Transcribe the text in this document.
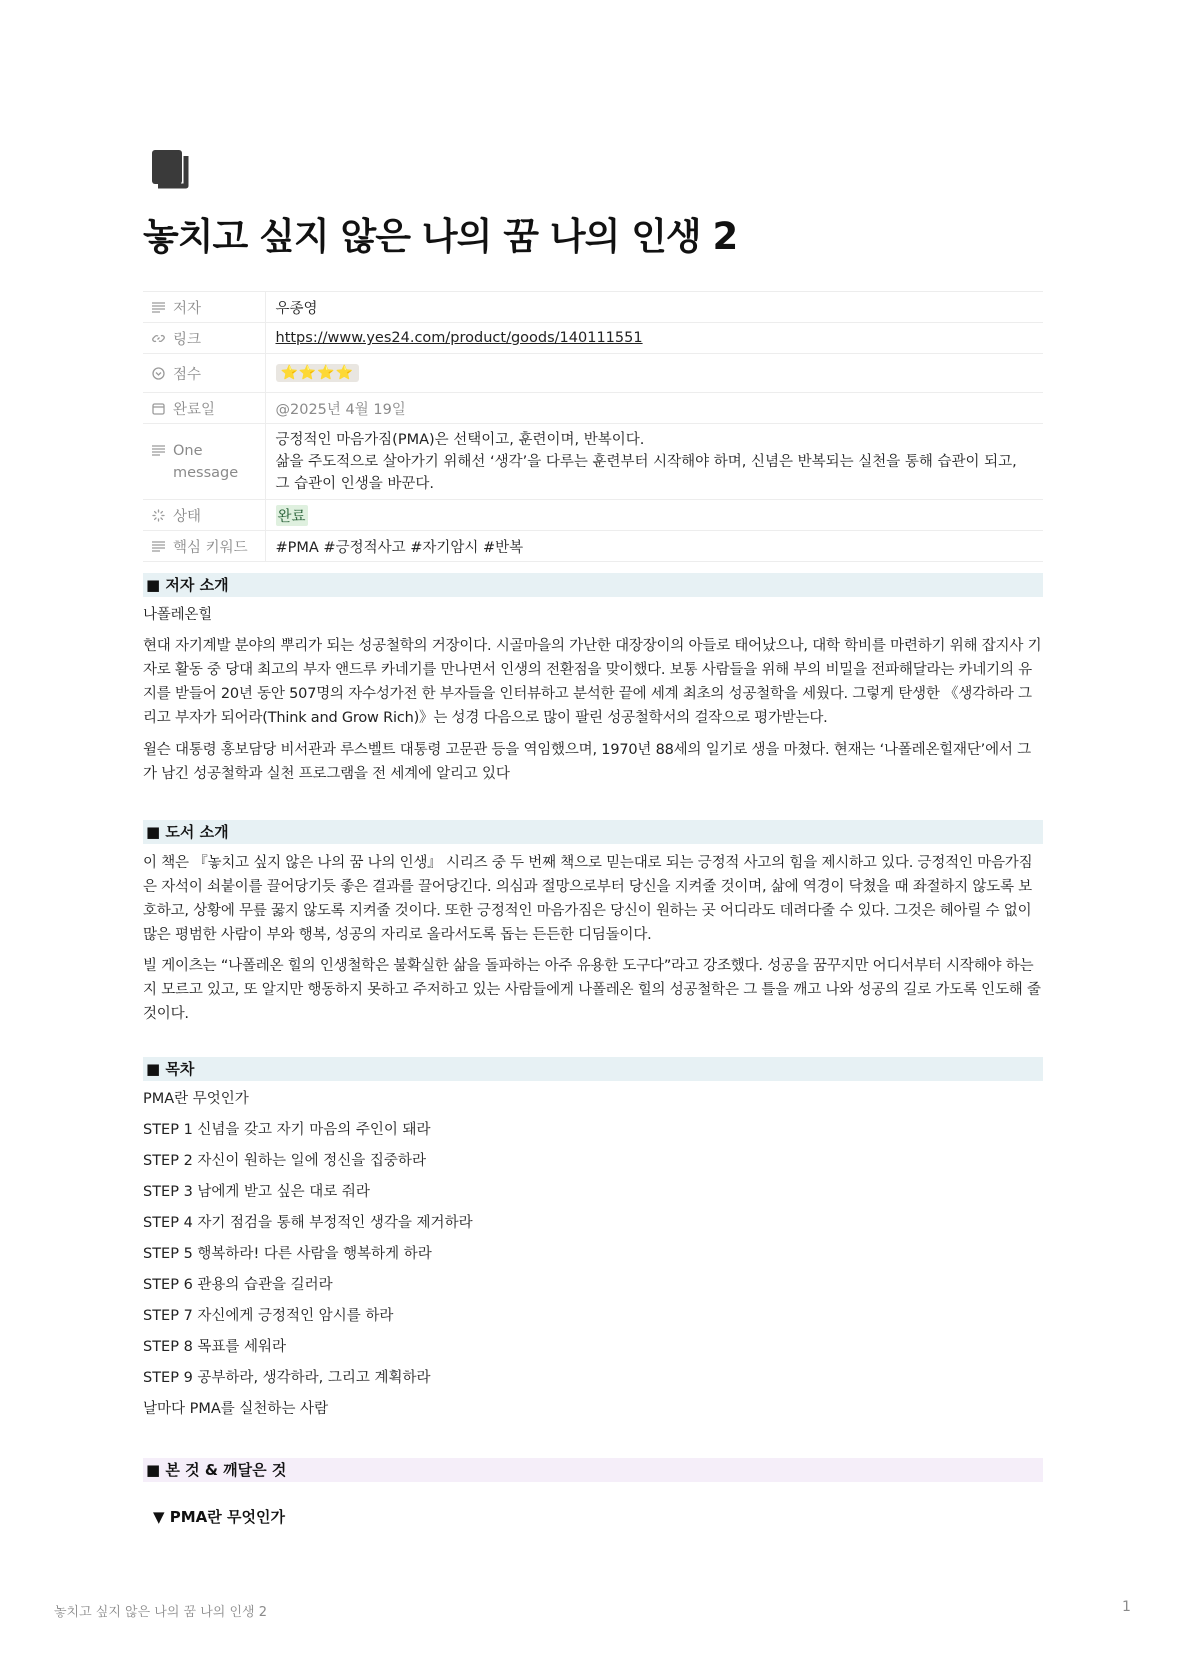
놓치고 싶지 않은 나의 꿈 나의 인생 2
저자	우종영

링크	https://www.yes24.com/product/goods/140111551

점수	⭐⭐⭐⭐

완료일	@2025년 4월 19일

One message	긍정적인 마음가짐(PMA)은 선택이고, 훈련이며, 반복이다.
삶을 주도적으로 살아가기 위해선 ‘생각’을 다루는 훈련부터 시작해야 하며, 신념은 반복되는 실천을 통해 습관이 되고,
그 습관이 인생을 바꾼다.

상태	완료

핵심 키워드	#PMA #긍정적사고 #자기암시 #반복
■ 저자 소개

나폴레온힐

현대 자기계발 분야의 뿌리가 되는 성공철학의 거장이다. 시골마을의 가난한 대장장이의 아들로 태어났으나, 대학 학비를 마련하기 위해 잡지사 기자로 활동 중 당대 최고의 부자 앤드루 카네기를 만나면서 인생의 전환점을 맞이했다. 보통 사람들을 위해 부의 비밀을 전파해달라는 카네기의 유지를 받들어 20년 동안 507명의 자수성가전 한 부자들을 인터뷰하고 분석한 끝에 세계 최초의 성공철학을 세웠다. 그렇게 탄생한 《생각하라 그리고 부자가 되어라(Think and Grow Rich)》는 성경 다음으로 많이 팔린 성공철학서의 걸작으로 평가받는다.

윌슨 대통령 홍보담당 비서관과 루스벨트 대통령 고문관 등을 역임했으며, 1970년 88세의 일기로 생을 마쳤다. 현재는 ‘나폴레온힐재단’에서 그가 남긴 성공철학과 실천 프로그램을 전 세계에 알리고 있다

■ 도서 소개

이 책은 『놓치고 싶지 않은 나의 꿈 나의 인생』 시리즈 중 두 번째 책으로 믿는대로 되는 긍정적 사고의 힘을 제시하고 있다. 긍정적인 마음가짐은 자석이 쇠붙이를 끌어당기듯 좋은 결과를 끌어당긴다. 의심과 절망으로부터 당신을 지켜줄 것이며, 삶에 역경이 닥쳤을 때 좌절하지 않도록 보호하고, 상황에 무릎 꿇지 않도록 지켜줄 것이다. 또한 긍정적인 마음가짐은 당신이 원하는 곳 어디라도 데려다줄 수 있다. 그것은 헤아릴 수 없이 많은 평범한 사람이 부와 행복, 성공의 자리로 올라서도록 돕는 든든한 디딤돌이다.

빌 게이츠는 “나폴레온 힐의 인생철학은 불확실한 삶을 돌파하는 아주 유용한 도구다”라고 강조했다. 성공을 꿈꾸지만 어디서부터 시작해야 하는지 모르고 있고, 또 알지만 행동하지 못하고 주저하고 있는 사람들에게 나폴레온 힐의 성공철학은 그 틀을 깨고 나와 성공의 길로 가도록 인도해 줄 것이다.

■ 목차
PMA란 무엇인가
STEP 1 신념을 갖고 자기 마음의 주인이 돼라
STEP 2 자신이 원하는 일에 정신을 집중하라
STEP 3 남에게 받고 싶은 대로 줘라
STEP 4 자기 점검을 통해 부정적인 생각을 제거하라
STEP 5 행복하라! 다른 사람을 행복하게 하라
STEP 6 관용의 습관을 길러라
STEP 7 자신에게 긍정적인 암시를 하라
STEP 8 목표를 세워라
STEP 9 공부하라, 생각하라, 그리고 계획하라
날마다 PMA를 실천하는 사람
■ 본 것 & 깨달은 것
▼ PMA란 무엇인가
놓치고 싶지 않은 나의 꿈 나의 인생 2	1
